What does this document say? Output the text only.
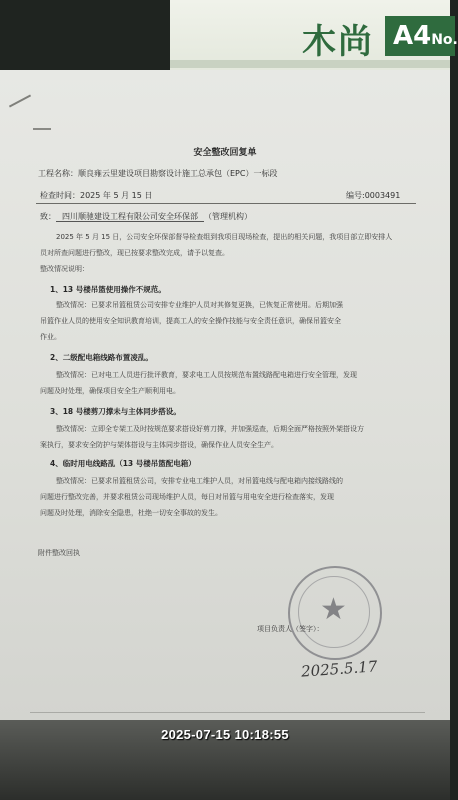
木尚 A4No.
安全整改回复单
工程名称：顺良雍云里建设项目勘察设计施工总承包（EPC）一标段
检查时间：2025 年 5 月 15 日	编号:0003491
致： 四川顺驰建设工程有限公司安全环保部 （管理机构）
2025 年 5 月 15 日，公司安全环保部督导检查组到我项目现场检查，提出的相关问题，我项目部立即安排人
员对所查问题进行整改，现已按要求整改完成，请予以复查。
整改情况说明：
1、13 号楼吊篮使用操作不规范。
整改情况：已要求吊篮租赁公司安排专业维护人员对其修复更换，已恢复正常使用。后期加强
吊篮作业人员的使用安全知识教育培训，提高工人的安全操作技能与安全责任意识，确保吊篮安全
作业。
2、二级配电箱线路布置凌乱。
整改情况：已对电工人员进行批评教育，要求电工人员按规范布置线路配电箱进行安全管理，发现
问题及时处理，确保项目安全生产顺利用电。
3、18 号楼剪刀撑未与主体同步搭设。
整改情况：立即全专架工及时按规范要求搭设好剪刀撑，并加强巡查，后期全面严格按照外架搭设方
案执行，要求安全防护与架体搭设与主体同步搭设，确保作业人员安全生产。
4、临时用电线路乱（13 号楼吊篮配电箱）
整改情况：已要求吊篮租赁公司，安排专业电工维护人员，对吊篮电线与配电箱内接线路线的
问题进行整改完善，并要求租赁公司现场维护人员，每日对吊篮与用电安全进行检查落实，发现
问题及时处理，消除安全隐患，杜绝一切安全事故的发生。
附件整改回执
★
项目负责人（签字）：
2025.5.17
2025-07-15 10:18:55
